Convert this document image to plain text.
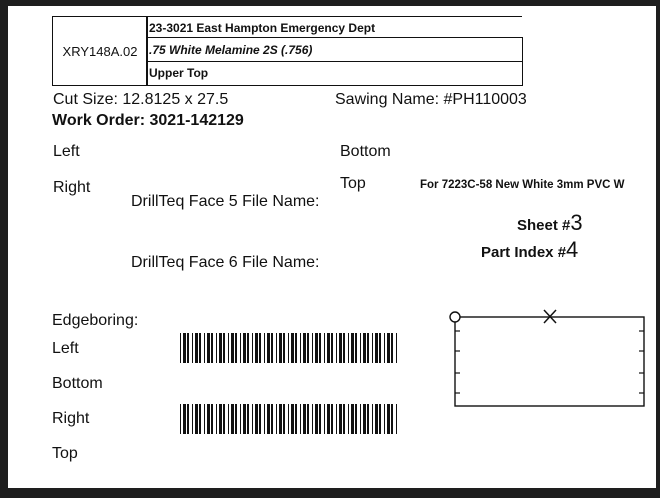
XRY148A.02
23-3021 East Hampton Emergency Dept
.75 White Melamine 2S (.756)
Upper Top
Cut Size: 12.8125 x 27.5	Sawing Name: #PH110003
Work Order: 3021-142129
Left
Right
Bottom
Top	For 7223C-58 New White 3mm PVC W
DrillTeq Face 5 File Name:
DrillTeq Face 6 File Name:
Sheet #3
Part Index #4
Edgeboring:
Left
Bottom
Right
Top
